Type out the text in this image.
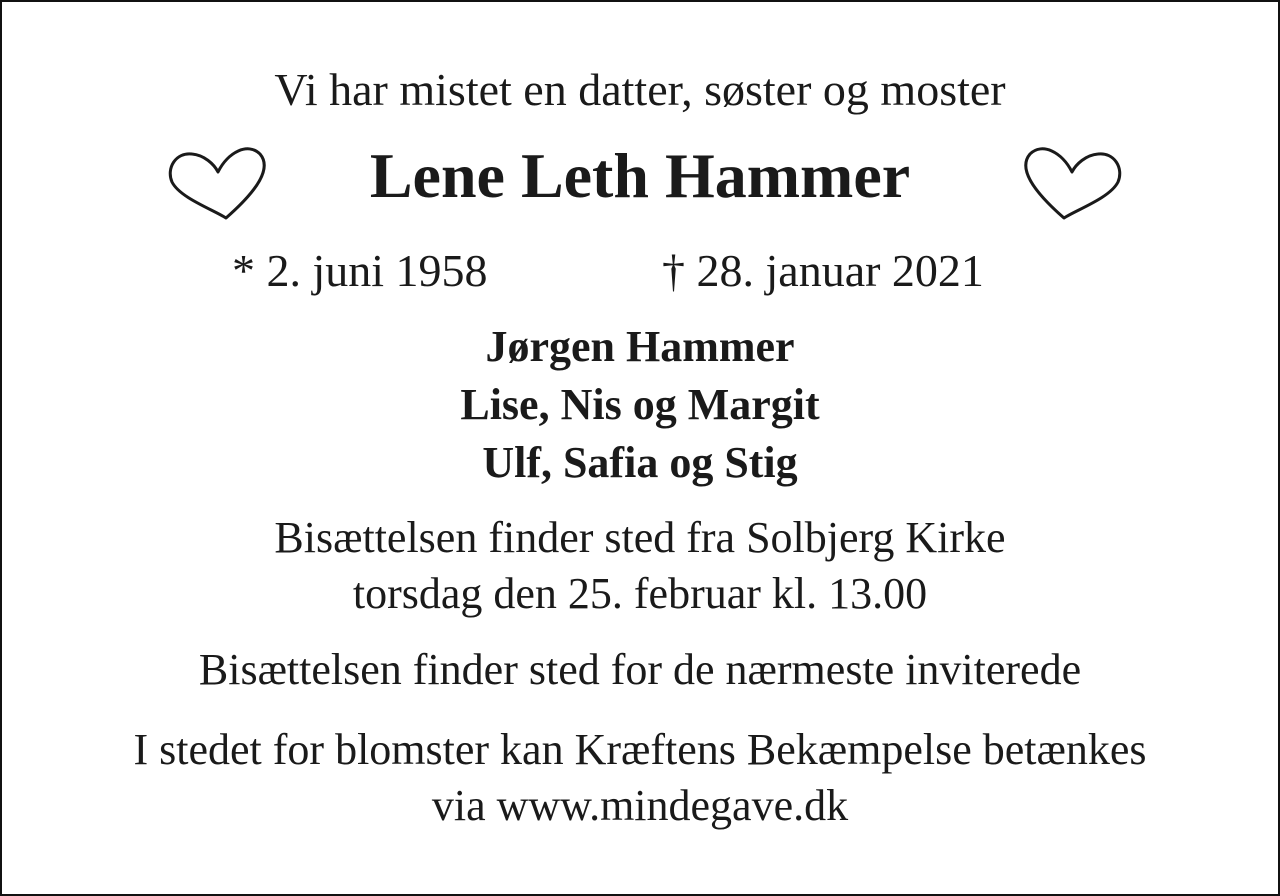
Vi har mistet en datter, søster og moster

Lene Leth Hammer
* 2. juni 1958	† 28. januar 2021

Jørgen Hammer

Lise, Nis og Margit

Ulf, Safia og Stig

Bisættelsen finder sted fra Solbjerg Kirke

torsdag den 25. februar kl. 13.00

Bisættelsen finder sted for de nærmeste inviterede

I stedet for blomster kan Kræftens Bekæmpelse betænkes

via www.mindegave.dk
